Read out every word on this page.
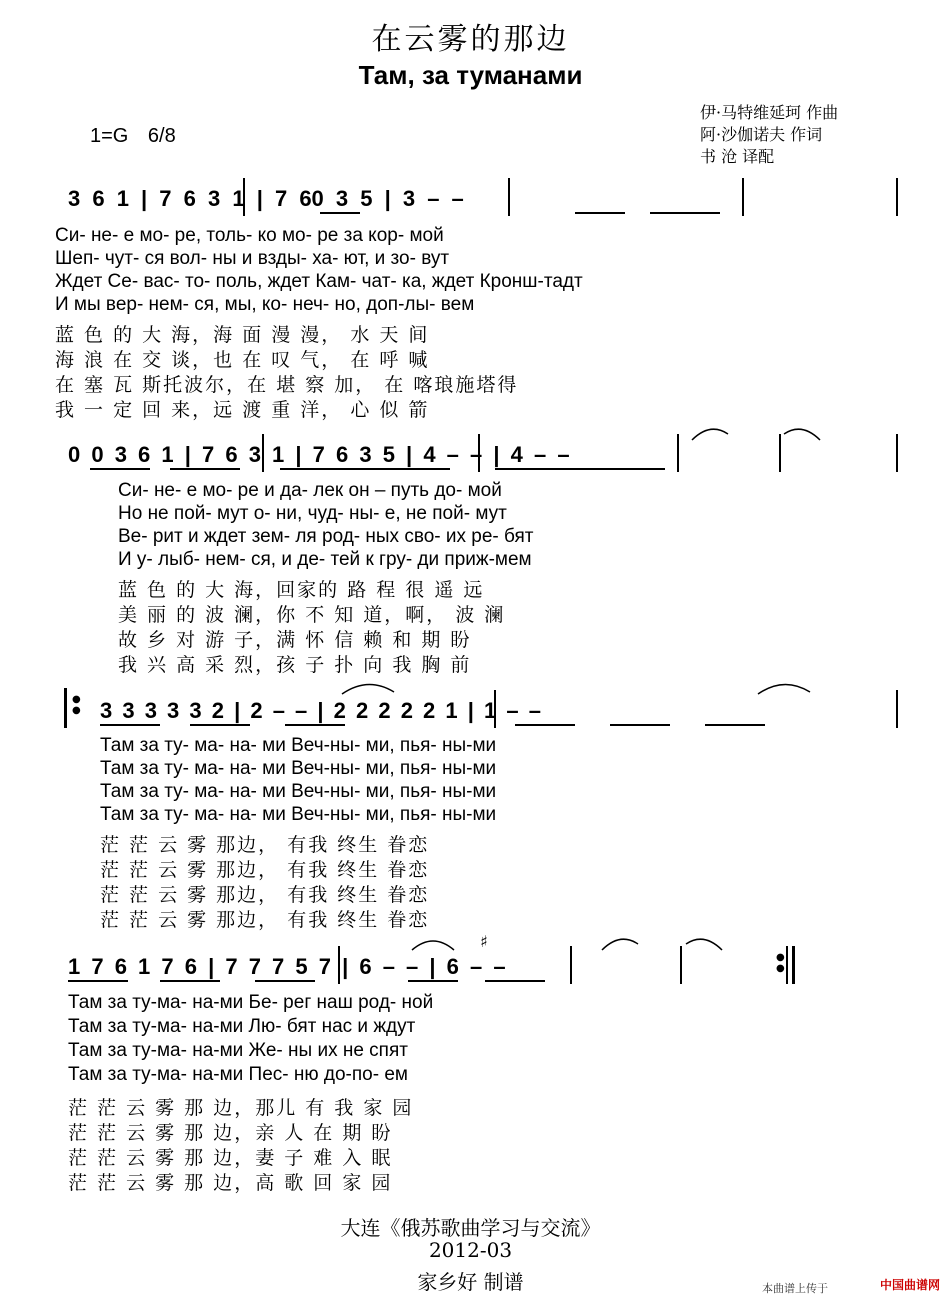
在云雾的那边
Там, за туманами
1=G 6/8
伊·马特维延珂 作曲
阿·沙伽诺夫 作词
书 沧 译配
3 6 1 | 7 6 3 1 | 7 60 3 5 | 3 – –
Си- не- е мо- ре, толь- ко мо- ре за кор- мой
Шеп- чут- ся вол- ны и взды- ха- ют, и зо- вут
Ждет Се- вас- то- поль, ждет Кам- чат- ка, ждет Кронш-тадт
И мы вер- нем- ся, мы, ко- неч- но, доп-лы- вем
蓝 色 的 大 海，海 面 漫 漫， 水 天 间
海 浪 在 交 谈，也 在 叹 气， 在 呼 喊
在 塞 瓦 斯托波尔，在 堪 察 加， 在 喀琅施塔得
我 一 定 回 来，远 渡 重 洋， 心 似 箭
0 0 3 6 1 | 7 6 3 1 | 7 6 3 5 | 4 – – | 4 – –
Си- не- е мо- ре и да- лек он – путь до- мой
Но не пой- мут о- ни, чуд- ны- е, не пой- мут
Ве- рит и ждет зем- ля род- ных сво- их ре- бят
И у- лыб- нем- ся, и де- тей к гру- ди приж-мем
蓝 色 的 大 海，回家的 路 程 很 遥 远
美 丽 的 波 澜，你 不 知 道，啊， 波 澜
故 乡 对 游 子，满 怀 信 赖 和 期 盼
我 兴 高 采 烈，孩 子 扑 向 我 胸 前
●
● 3 3 3 3 3 2 | 2 – – | 2 2 2 2 2 1 | 1 – –
Там за ту- ма- на- ми Веч-ны- ми, пья- ны-ми
Там за ту- ма- на- ми Веч-ны- ми, пья- ны-ми
Там за ту- ма- на- ми Веч-ны- ми, пья- ны-ми
Там за ту- ма- на- ми Веч-ны- ми, пья- ны-ми
茫 茫 云 雾 那边， 有我 终生 眷恋
茫 茫 云 雾 那边， 有我 终生 眷恋
茫 茫 云 雾 那边， 有我 终生 眷恋
茫 茫 云 雾 那边， 有我 终生 眷恋
♯
1 7 6 1 7 6 | 7 7 7 5 7 | 6 – – | 6 – –	●
●
Там за ту-ма- на-ми Бе- рег наш род- ной
Там за ту-ма- на-ми Лю- бят нас и ждут
Там за ту-ма- на-ми Же- ны их не спят
Там за ту-ма- на-ми Пес- ню до-по- ем
茫 茫 云 雾 那 边，那儿 有 我 家 园
茫 茫 云 雾 那 边，亲 人 在 期 盼
茫 茫 云 雾 那 边，妻 子 难 入 眠
茫 茫 云 雾 那 边，高 歌 回 家 园
大连《俄苏歌曲学习与交流》
2012-03
家乡好 制谱	本曲谱上传于	中国曲谱网
